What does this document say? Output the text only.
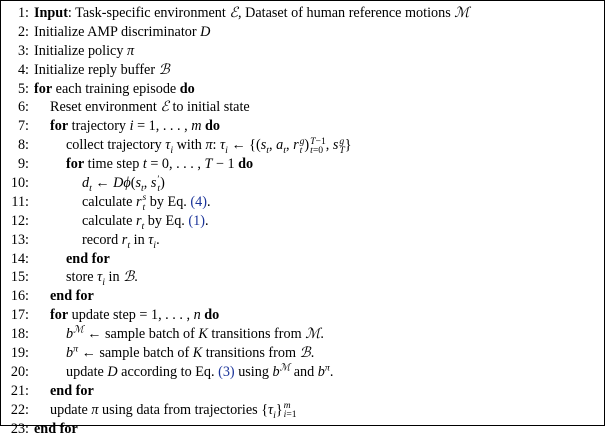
1: Input: Task-specific environment ℰ, Dataset of human reference motions ℳ
2: Initialize AMP discriminator D
3: Initialize policy π
4: Initialize reply buffer ℬ
5: for each training episode do
6:	Reset environment ℰ to initial state
7:	for trajectory i = 1, . . . , m do
8:	collect trajectory $\tau_i$ with π: $\tau_i$ ← {($s_t$, $a_t$, r g
t ) T−1
t=0 , s g
T }
9:	for time step t = 0, . . . , T − 1 do
10:	$d_t$ ← $D\phi(s_t$, s ′
t )
11:	calculate r s
t by Eq. (4).
12:	calculate $r_t$ by Eq. (1).
13:	record $r_t$ in $\tau_i$.
14:	end for
15:	store $\tau_i$ in ℬ.
16:	end for
17:	for update step = 1, . . . , n do
18:	$b^ℳ$ ← sample batch of K transitions from ℳ.
19:	$b^\pi$ ← sample batch of K transitions from ℬ.
20:	update D according to Eq. (3) using $b^ℳ$ and $b^\pi$.
21:	end for
22:	update π using data from trajectories $\{\tau_i\}$ m
i=1
23: end for
